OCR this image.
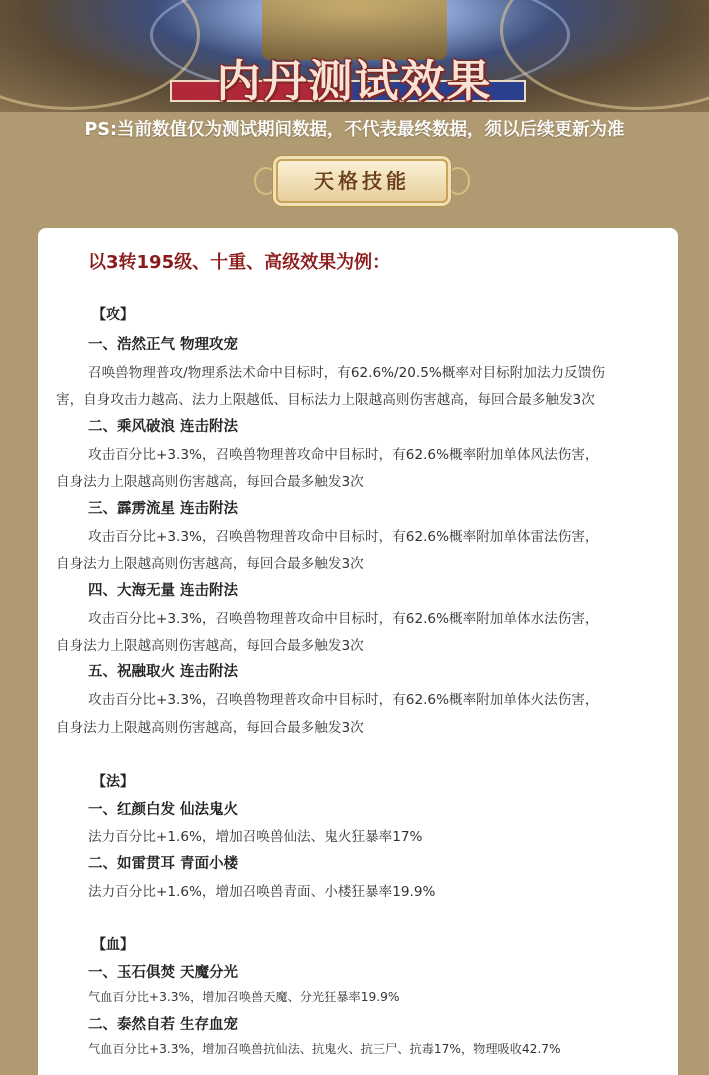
内丹测试效果
PS:当前数值仅为测试期间数据，不代表最终数据，须以后续更新为准
天格技能
以3转195级、十重、高级效果为例：
【攻】
一、浩然正气 物理攻宠
召唤兽物理普攻/物理系法术命中目标时，有62.6%/20.5%概率对目标附加法力反馈伤
害，自身攻击力越高、法力上限越低、目标法力上限越高则伤害越高，每回合最多触发3次
二、乘风破浪 连击附法
攻击百分比+3.3%，召唤兽物理普攻命中目标时，有62.6%概率附加单体风法伤害，
自身法力上限越高则伤害越高，每回合最多触发3次
三、霹雳流星 连击附法
攻击百分比+3.3%，召唤兽物理普攻命中目标时，有62.6%概率附加单体雷法伤害，
自身法力上限越高则伤害越高，每回合最多触发3次
四、大海无量 连击附法
攻击百分比+3.3%，召唤兽物理普攻命中目标时，有62.6%概率附加单体水法伤害，
自身法力上限越高则伤害越高，每回合最多触发3次
五、祝融取火 连击附法
攻击百分比+3.3%，召唤兽物理普攻命中目标时，有62.6%概率附加单体火法伤害，
自身法力上限越高则伤害越高，每回合最多触发3次
【法】
一、红颜白发 仙法鬼火
法力百分比+1.6%，增加召唤兽仙法、鬼火狂暴率17%
二、如雷贯耳 青面小楼
法力百分比+1.6%，增加召唤兽青面、小楼狂暴率19.9%
【血】
一、玉石俱焚 天魔分光
气血百分比+3.3%，增加召唤兽天魔、分光狂暴率19.9%
二、泰然自若 生存血宠
气血百分比+3.3%，增加召唤兽抗仙法、抗鬼火、抗三尸、抗毒17%，物理吸收42.7%
